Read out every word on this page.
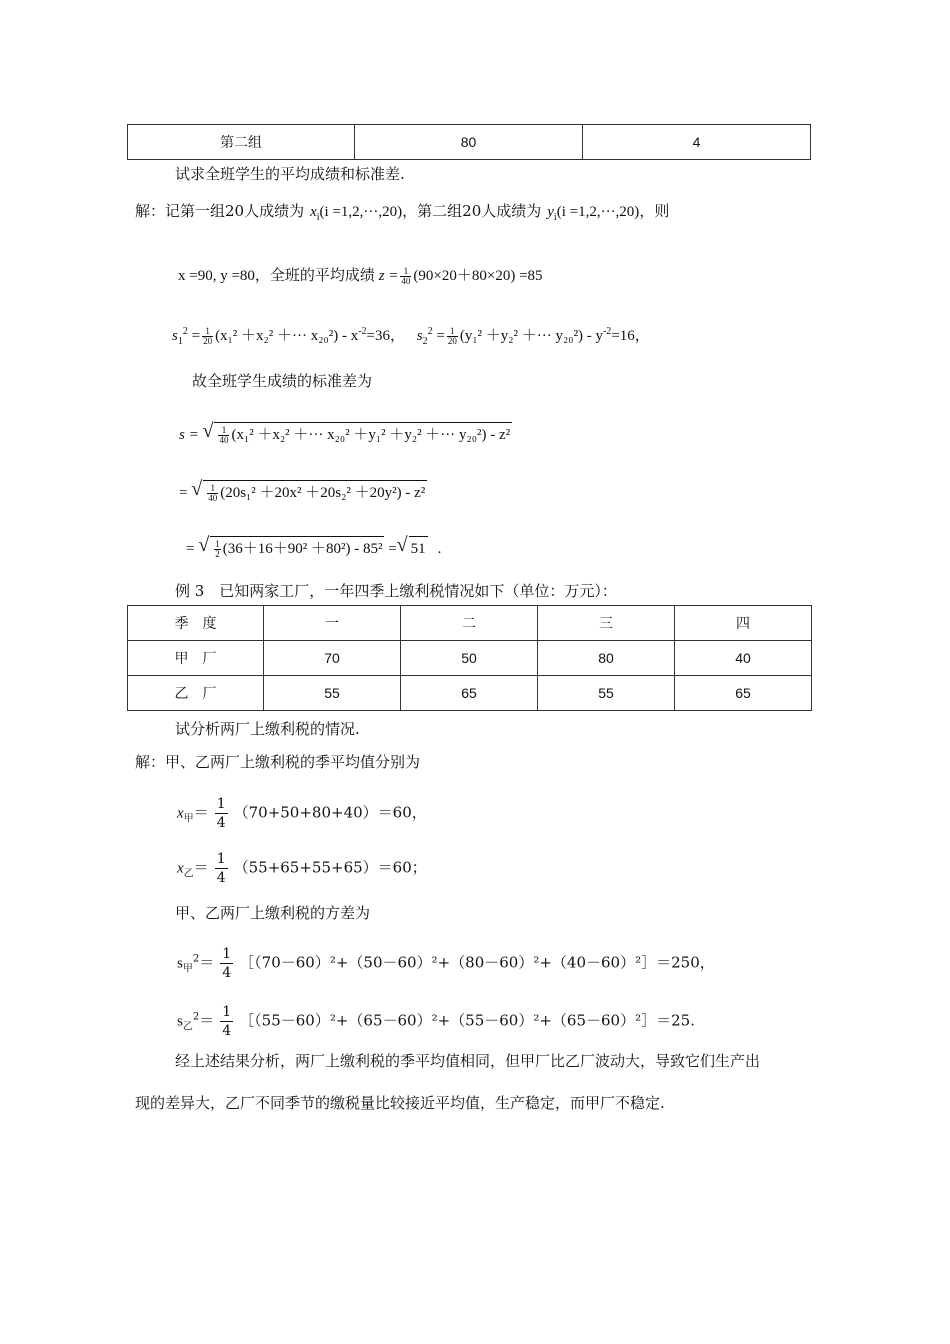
第二组	80	4
试求全班学生的平均成绩和标准差.
解：记第一组20人成绩为 $x_i(i =1,2,\cdot\cdot\cdot,20)$，第二组20人成绩为 $y_i(i =1,2,\cdot\cdot\cdot,20)$，则
x =90, y =80，全班的平均成绩 $z = \frac{1}{40} (90\times 20+80\times 20) =85$
$s_1^2 = \frac{1}{20} (x_1^2 +x_2^2$ ＋··· $x_{20}^2) - x^{-2}=36$， $s_2^2 = \frac{1}{20} (y_1^2 +y_2^2$ ＋··· $y_{20}^2) - y^{-2}=16$，
故全班学生成绩的标准差为
s = √ $\frac{1}{40} (x_1^2 +x_2^2$ ＋··· x₂₀² ＋y₁² ＋y₂² ＋··· y₂₀²) - z²
= √ $\frac{1}{40} (20s_1^2 +20x^2 +20s_2^2 +20y^2) - z^2$
= √ $\frac{1}{2} (36+16+90^2 +80^2) - 85^2$ = √ 51 .
例 3　已知两家工厂，一年四季上缴利税情况如下（单位：万元）：
季　度	一	二	三	四
甲　厂	70	50	80	40
乙　厂	55	65	55	65
试分析两厂上缴利税的情况.
解：甲、乙两厂上缴利税的季平均值分别为
$x_甲= \frac{1}{4} (70+50+80+40)=60$，
$x_乙= \frac{1}{4} (55+65+55+65)=60$；
甲、乙两厂上缴利税的方差为
$s_甲^2= \frac{1}{4}$ ［（70－60）²+（50－60）²+（80－60）²+（40－60）²］＝250，
$s_乙^2= \frac{1}{4}$ ［（55－60）²+（65－60）²+（55－60）²+（65－60）²］＝25.
经上述结果分析，两厂上缴利税的季平均值相同，但甲厂比乙厂波动大，导致它们生产出
现的差异大，乙厂不同季节的缴税量比较接近平均值，生产稳定，而甲厂不稳定.
